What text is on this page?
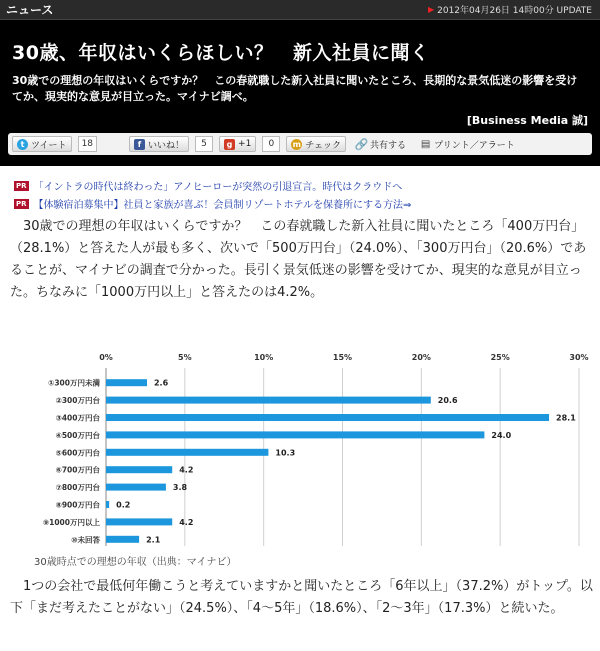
ニュース	▶ 2012年04月26日 14時00分 UPDATE
30歳、年収はいくらほしい？　新入社員に聞く
30歳での理想の年収はいくらですか？　この春就職した新入社員に聞いたところ、長期的な景気低迷の影響を受けてか、現実的な意見が目立った。マイナビ調べ。
[Business Media 誠]
t ツイート	18	f いいね！	5	g +1	0	m チェック 🔗 共有する ▤ プリント／アラート
PR 「イントラの時代は終わった」アノヒーローが突然の引退宣言。時代はクラウドへ
PR 【体験宿泊募集中】社員と家族が喜ぶ！会員制リゾートホテルを保養所にする方法⇒

　30歳での理想の年収はいくらですか？　この春就職した新入社員に聞いたところ「400万円台」（28.1%）と答えた人が最も多く、次いで「500万円台」（24.0%）、「300万円台」（20.6%）であることが、マイナビの調査で分かった。長引く景気低迷の影響を受けてか、現実的な意見が目立った。ちなみに「1000万円以上」と答えたのは4.2%。

0%	5%	10%	15%	20%	25%	30%
①300万円未満	2.6
②300万円台	20.6
③400万円台	28.1
④500万円台	24.0
⑤600万円台	10.3
⑥700万円台	4.2
⑦800万円台	3.8
⑧900万円台 0.2
⑨1000万円以上	4.2
⑩未回答	2.1
30歳時点での理想の年収（出典：マイナビ）

　1つの会社で最低何年働こうと考えていますかと聞いたところ「6年以上」（37.2%）がトップ。以下「まだ考えたことがない」（24.5%）、「4～5年」（18.6%）、「2～3年」（17.3%）と続いた。
